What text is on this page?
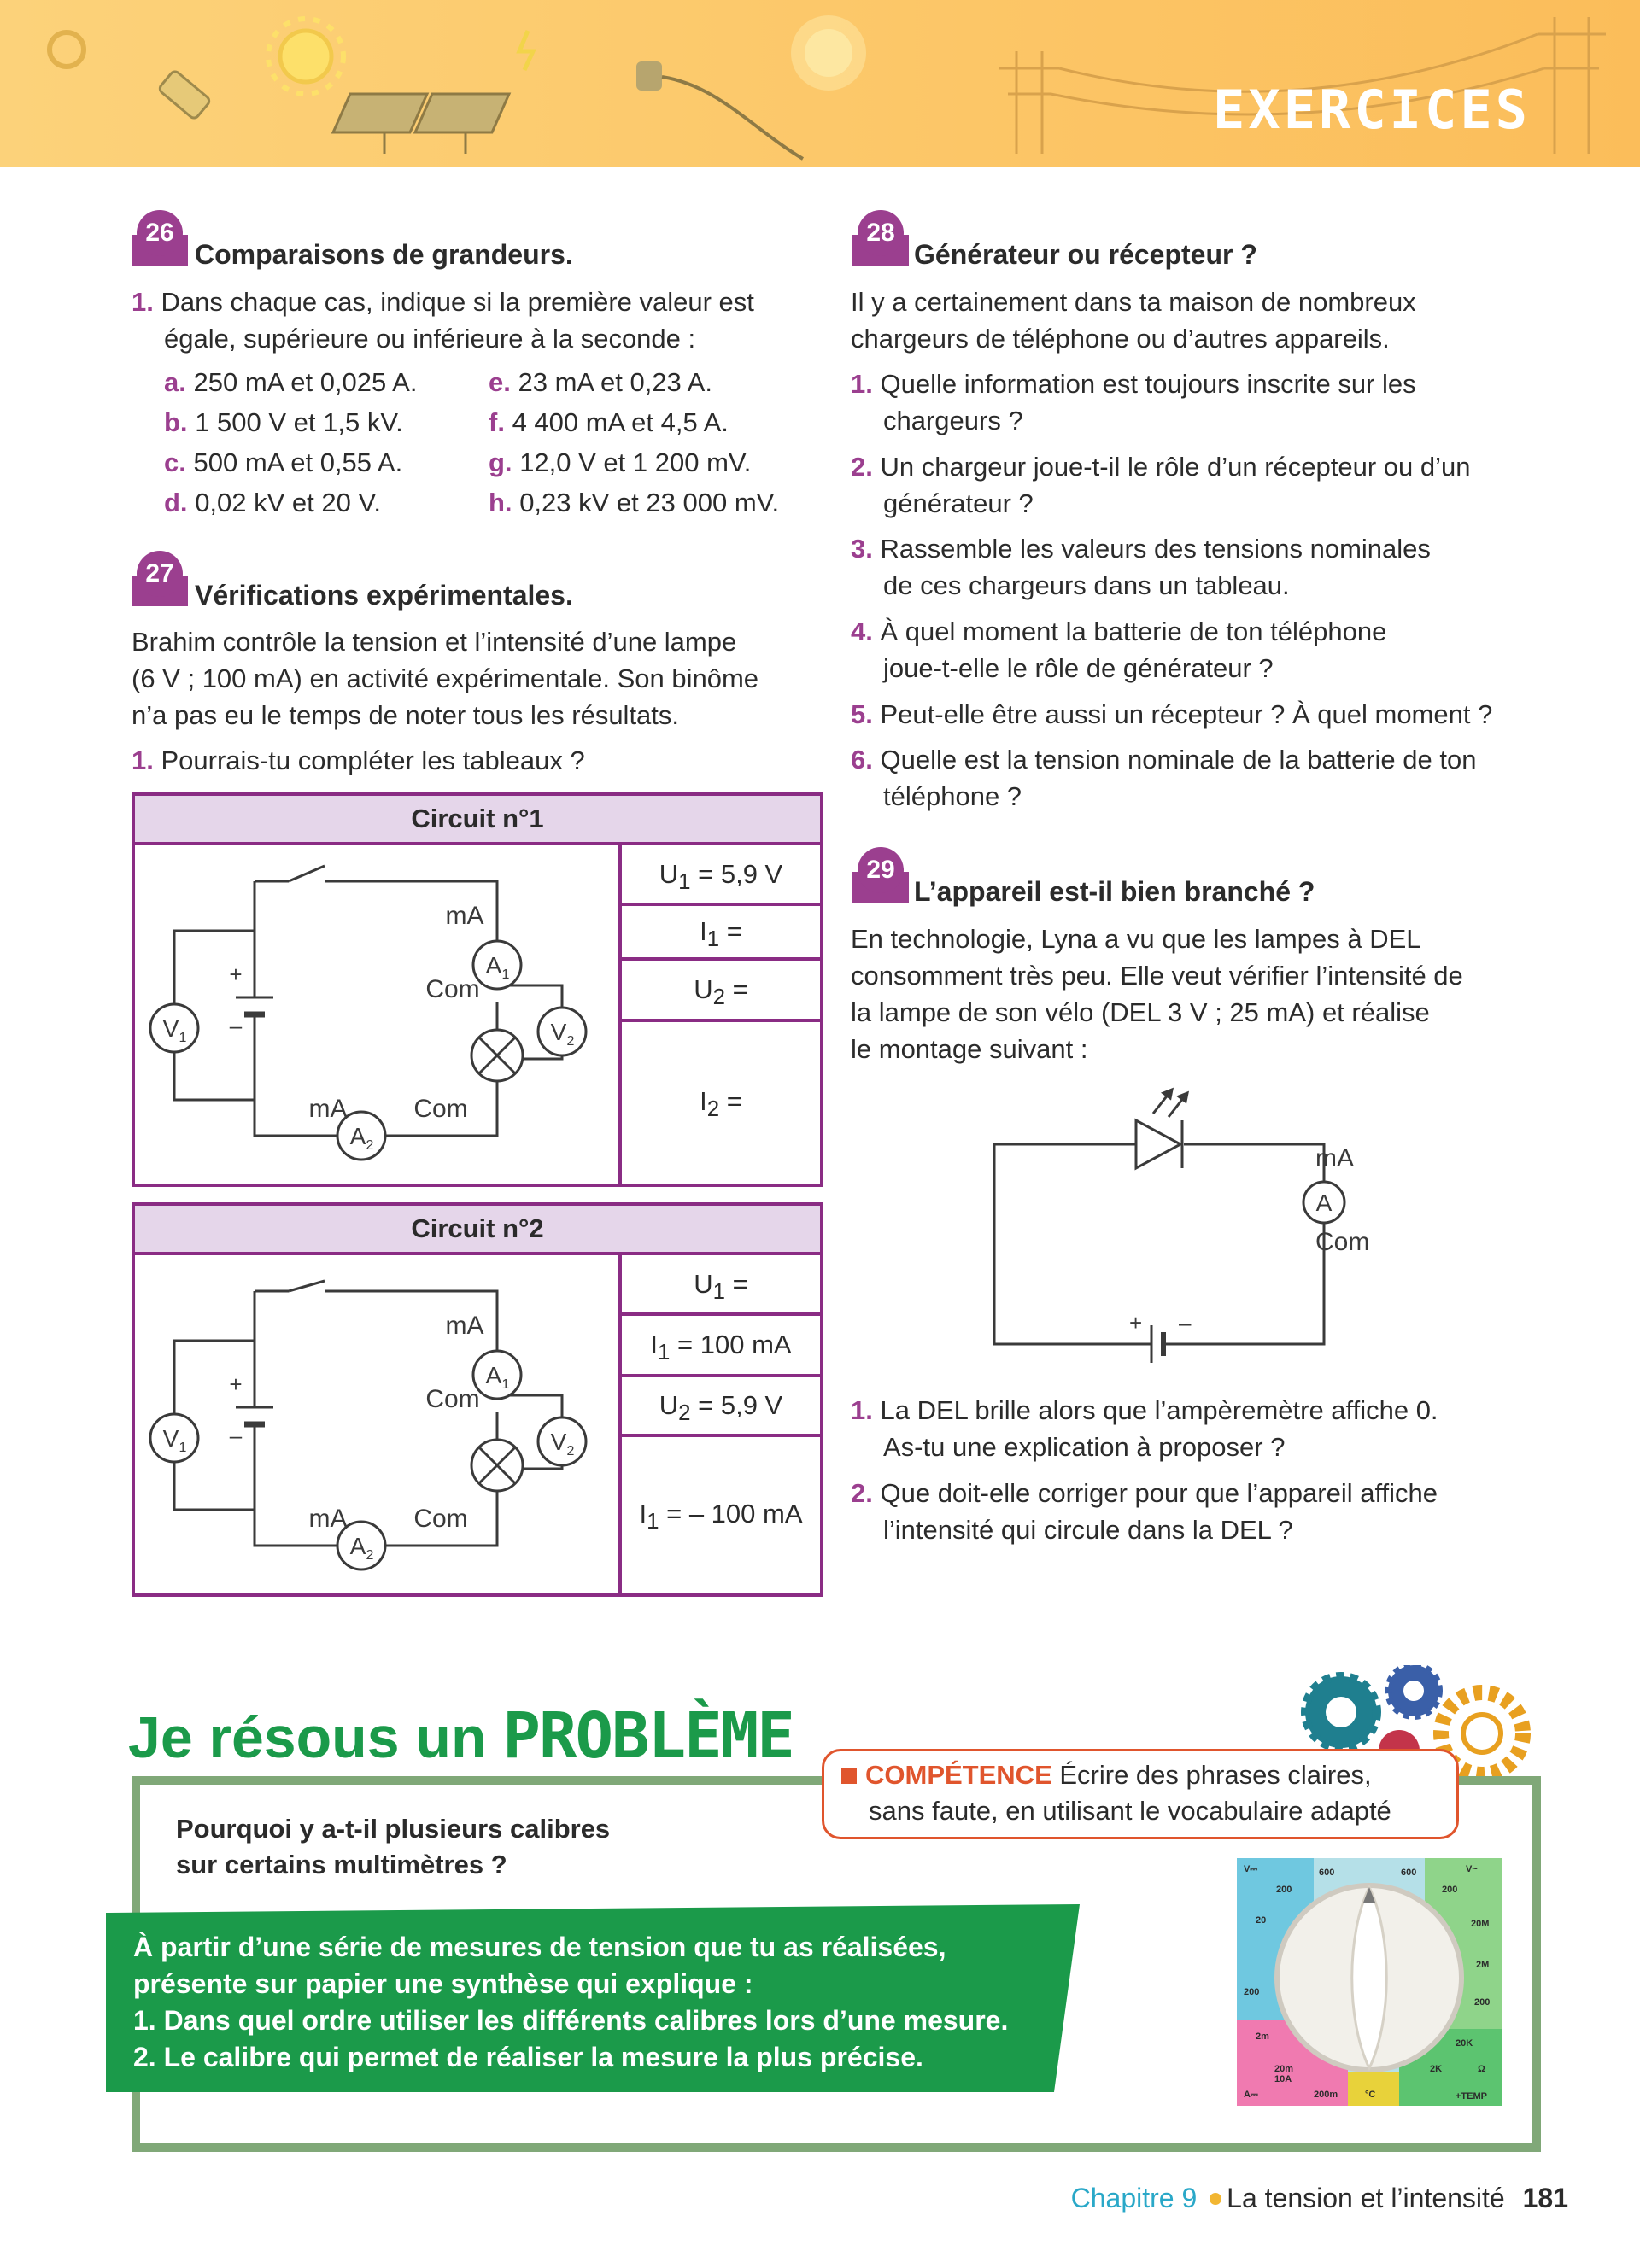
EXERCICES
26
Comparaisons de grandeurs.
1. Dans chaque cas, indique si la première valeur est
égale, supérieure ou inférieure à la seconde :
a. 250 mA et 0,025 A.
b. 1 500 V et 1,5 kV.
c. 500 mA et 0,55 A.
d. 0,02 kV et 20 V.
e. 23 mA et 0,23 A.
f. 4 400 mA et 4,5 A.
g. 12,0 V et 1 200 mV.
h. 0,23 kV et 23 000 mV.
27
Vérifications expérimentales.
Brahim contrôle la tension et l’intensité d’une lampe
(6 V ; 100 mA) en activité expérimentale. Son binôme
n’a pas eu le temps de noter tous les résultats.
1. Pourrais-tu compléter les tableaux ?
Circuit n°1
$U_1 = 5,9$ V
$I_1$ =
$U_2$ =
$I_2$ =
mA
Com
mA	Com
+
–
A 1
A 2
V 2
V 1
Circuit n°2
$U_1$ =
$I_1 = 100$ mA
$U_2 = 5,9$ V
$I_1$ = – 100 mA
mA
Com
mA	Com
+
–
A 1
A 2
V 2
V 1
28
Générateur ou récepteur ?
Il y a certainement dans ta maison de nombreux
chargeurs de téléphone ou d’autres appareils.
1. Quelle information est toujours inscrite sur les
chargeurs ?
2. Un chargeur joue-t-il le rôle d’un récepteur ou d’un
générateur ?
3. Rassemble les valeurs des tensions nominales
de ces chargeurs dans un tableau.
4. À quel moment la batterie de ton téléphone
joue-t-elle le rôle de générateur ?
5. Peut-elle être aussi un récepteur ? À quel moment ?
6. Quelle est la tension nominale de la batterie de ton
téléphone ?
29
L’appareil est-il bien branché ?
En technologie, Lyna a vu que les lampes à DEL
consomment très peu. Elle veut vérifier l’intensité de
la lampe de son vélo (DEL 3 V ; 25 mA) et réalise
le montage suivant :
mA
A
Com
+ –
1. La DEL brille alors que l’ampèremètre affiche 0.
As-tu une explication à proposer ?
2. Que doit-elle corriger pour que l’appareil affiche
l’intensité qui circule dans la DEL ?
Je résous un PROBLÈME
Pourquoi y a-t-il plusieurs calibres
sur certains multimètres ?	V⎓	V~
600	600
200	200
20	20M
2M
200
200
20K
2K	Ω
2m
20m
10A
200m	°C
A⎓	+TEMP
COMPÉTENCE Écrire des phrases claires,
sans faute, en utilisant le vocabulaire adapté
À partir d’une série de mesures de tension que tu as réalisées,
présente sur papier une synthèse qui explique :
1. Dans quel ordre utiliser les différents calibres lors d’une mesure.
2. Le calibre qui permet de réaliser la mesure la plus précise.
Chapitre 9 La tension et l’intensité 181
